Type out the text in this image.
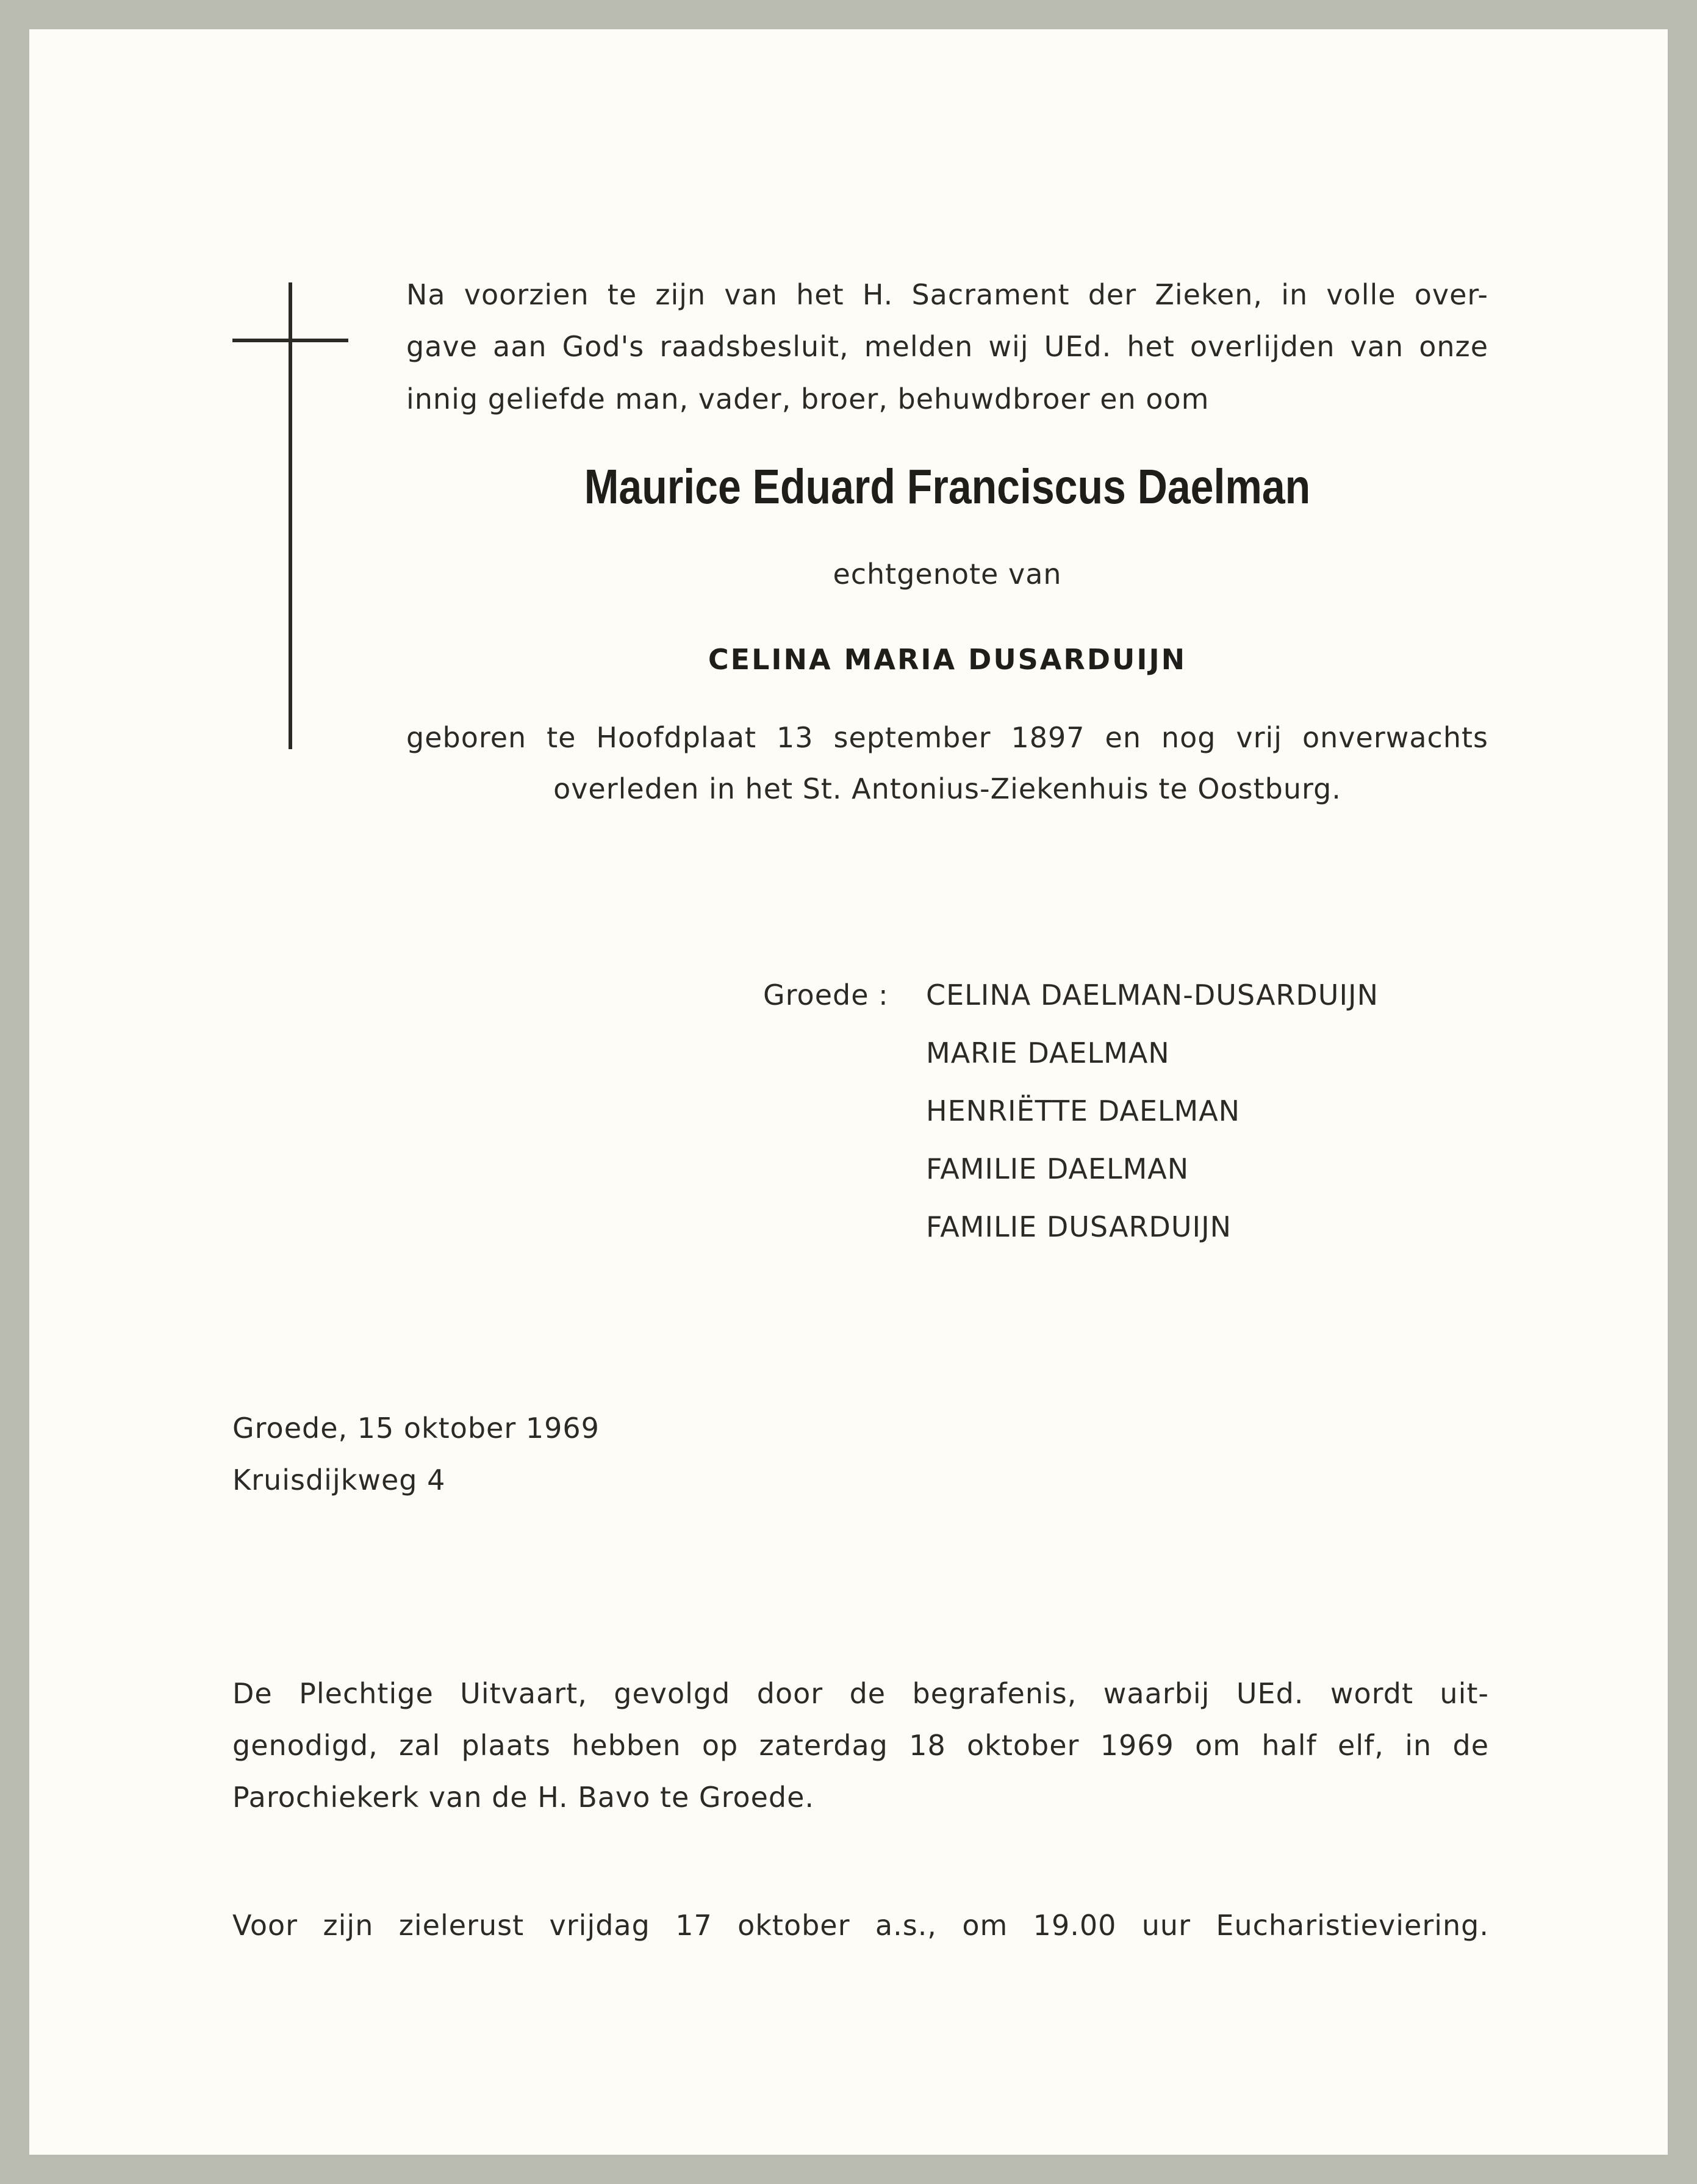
Na voorzien te zijn van het H. Sacrament der Zieken, in volle over-
gave aan God's raadsbesluit, melden wij UEd. het overlijden van onze
innig geliefde man, vader, broer, behuwdbroer en oom
Maurice Eduard Franciscus Daelman
echtgenote van
CELINA MARIA DUSARDUIJN
geboren te Hoofdplaat 13 september 1897 en nog vrij onverwachts
overleden in het St. Antonius-Ziekenhuis te Oostburg.
Groede : CELINA DAELMAN-DUSARDUIJN
MARIE DAELMAN
HENRIËTTE DAELMAN
FAMILIE DAELMAN
FAMILIE DUSARDUIJN
Groede, 15 oktober 1969
Kruisdijkweg 4
De Plechtige Uitvaart, gevolgd door de begrafenis, waarbij UEd. wordt uit-
genodigd, zal plaats hebben op zaterdag 18 oktober 1969 om half elf, in de
Parochiekerk van de H. Bavo te Groede.
Voor zijn zielerust vrijdag 17 oktober a.s., om 19.00 uur Eucharistieviering.
